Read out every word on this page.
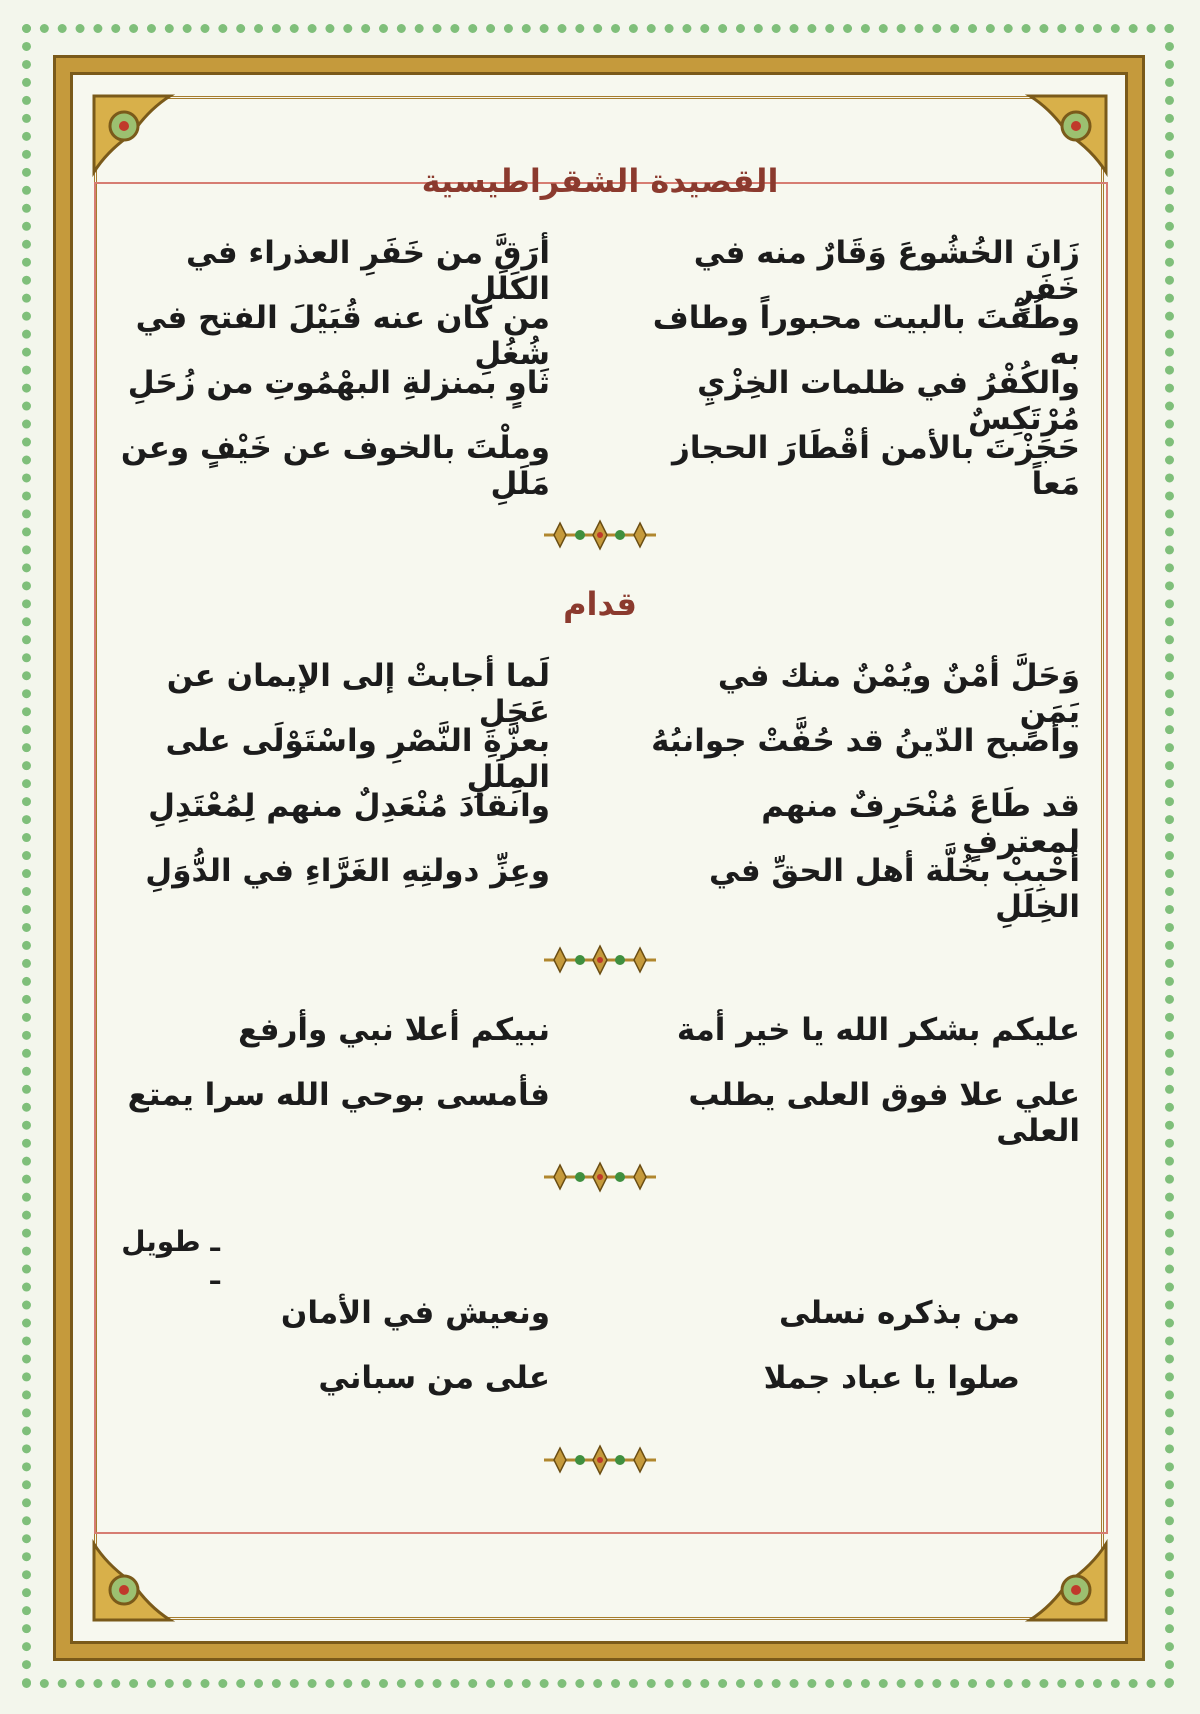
القصيدة الشقراطيسية
زَانَ الخُشُوعَ وَقَارٌ منه في خَفَرٍ
أرَقَّ من خَفَرِ العذراء في الكَلَلِ
وطُفْتَ بالبيت محبوراً وطاف به
من كان عنه قُبَيْلَ الفتح في شُغُلِ
والكُفْرُ في ظلمات الخِزْيِ مُرْتَكِسٌ
ثَاوٍ بمنزلةِ البهْمُوتِ من زُحَلِ
حَجَزْتَ بالأمن أقْطَارَ الحجاز مَعاً
وملْتَ بالخوف عن خَيْفٍ وعن مَلَلِ
قدام
وَحَلَّ أمْنٌ ويُمْنٌ منك في يَمَنٍ
لَما أجابتْ إلى الإيمان عن عَجَلِ
وأصبح الدّينُ قد حُفَّتْ جوانبُهُ
بعزَّةِ النَّصْرِ واسْتَوْلَى على المِلَلِ
قد طَاعَ مُنْحَرِفٌ منهم لمعترفٍ
وانقادَ مُنْعَدِلٌ منهم لِمُعْتَدِلِ
أحْبِبْ بخُلَّة أهل الحقِّ في الخِلَلِ
وعِزِّ دولتِهِ الغَرَّاءِ في الدُّوَلِ
عليكم بشكر الله يا خير أمة
نبيكم أعلا نبي وأرفع
علي علا فوق العلى يطلب العلى
فأمسى بوحي الله سرا يمتع
ـ طويل ـ
من بذكره نسلى
ونعيش في الأمان
صلوا يا عباد جملا
على من سباني
